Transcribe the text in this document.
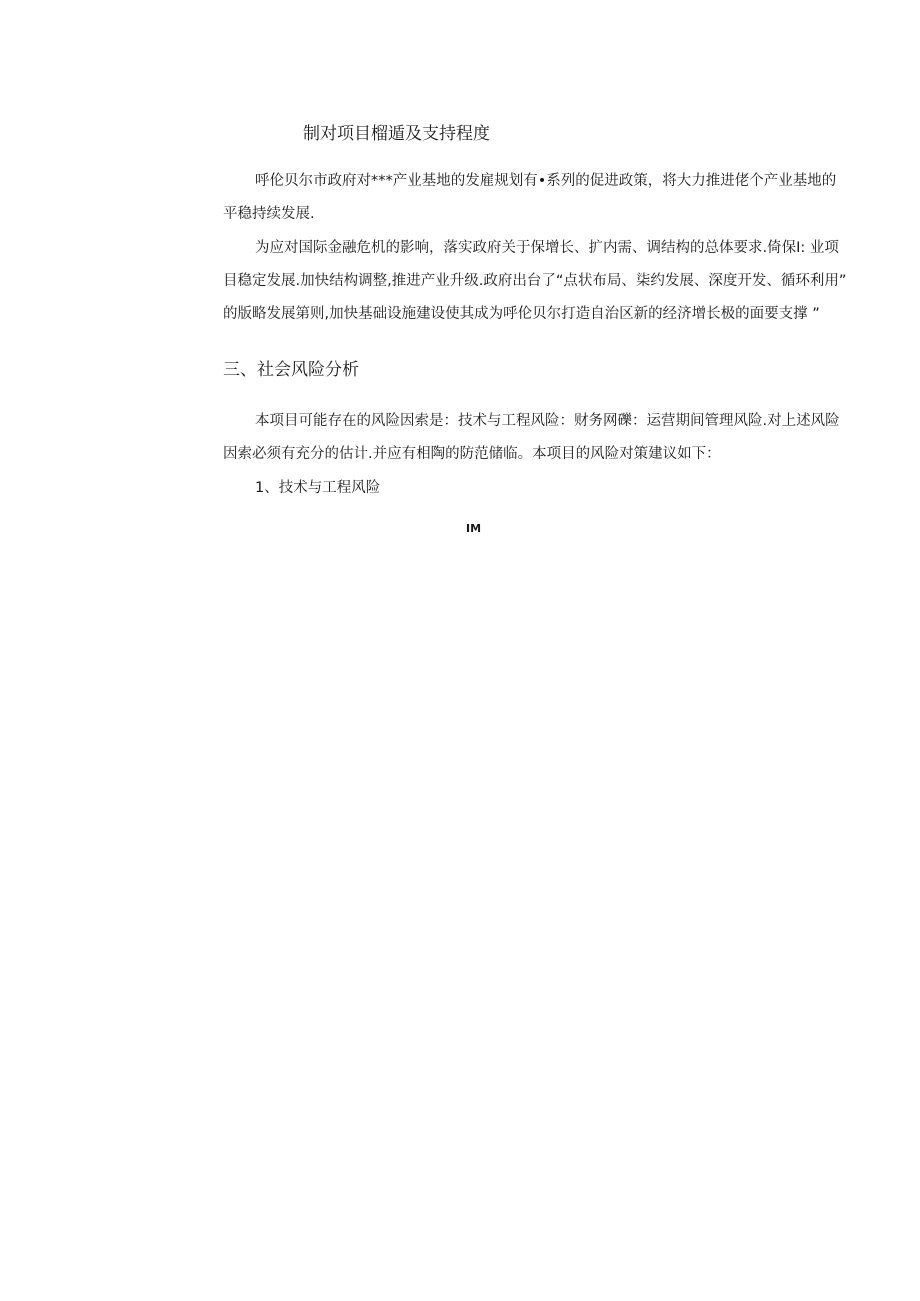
制对项目榴遁及支持程度
呼伦贝尔市政府对***产业基地的发雇规划有•系列的促进政策，将大力推进佬个产业基地的
平稳持续发展.
为应对国际金融危机的影响，落实政府关于保增长、扩内需、调结构的总体要求.倚保I: 业项
目稳定发展.加快结构调整,推进产业升级.政府出台了“点状布局、柒约发展、深度开发、循环利用”
的版略发展第则,加快基础设施建设使其成为呼伦贝尔打造自治区新的经济增长极的面要支撑 ”
三、社会风险分析
本项目可能存在的风险因索是：技术与工程风险：财务网礫：运营期间管理风险.对上述风险
因索必须有充分的估计.并应有相陶的防范储临。本项目的风险对策建议如下：
1、技术与工程风险
IM
